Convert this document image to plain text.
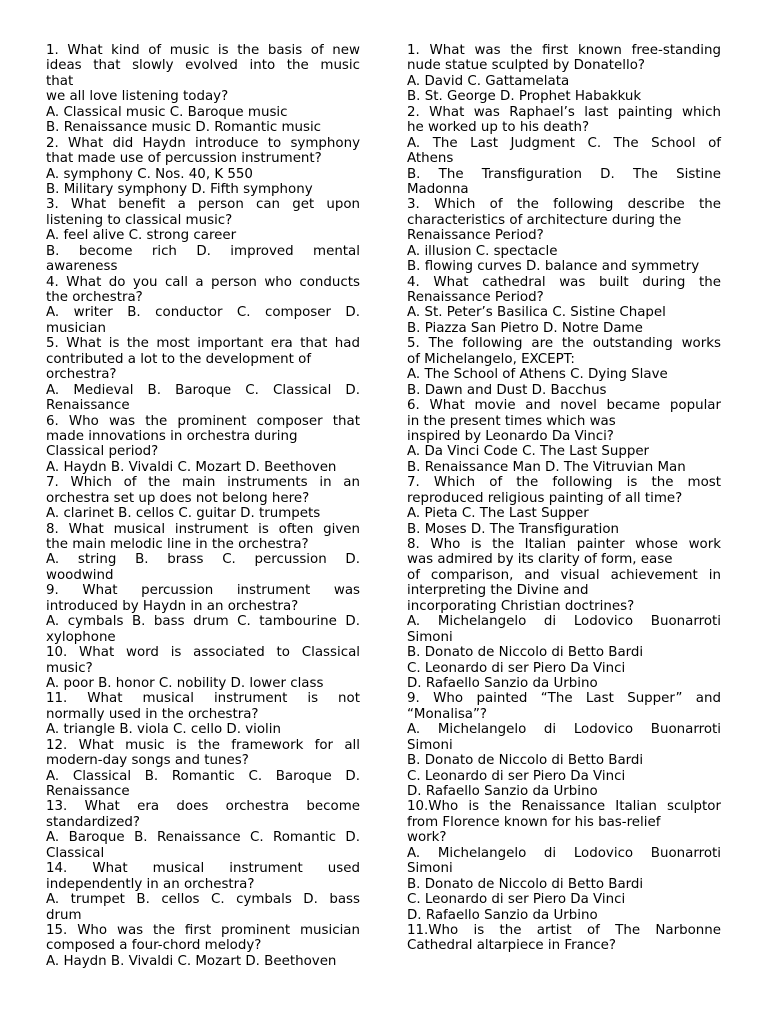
1. What kind of music is the basis of new
ideas that slowly evolved into the music
that
we all love listening today?
A. Classical music C. Baroque music
B. Renaissance music D. Romantic music
2. What did Haydn introduce to symphony
that made use of percussion instrument?
A. symphony C. Nos. 40, K 550
B. Military symphony D. Fifth symphony
3. What benefit a person can get upon
listening to classical music?
A. feel alive C. strong career
B. become rich D. improved mental
awareness
4. What do you call a person who conducts
the orchestra?
A. writer B. conductor C. composer D.
musician
5. What is the most important era that had
contributed a lot to the development of
orchestra?
A. Medieval B. Baroque C. Classical D.
Renaissance
6. Who was the prominent composer that
made innovations in orchestra during
Classical period?
A. Haydn B. Vivaldi C. Mozart D. Beethoven
7. Which of the main instruments in an
orchestra set up does not belong here?
A. clarinet B. cellos C. guitar D. trumpets
8. What musical instrument is often given
the main melodic line in the orchestra?
A. string B. brass C. percussion D.
woodwind
9. What percussion instrument was
introduced by Haydn in an orchestra?
A. cymbals B. bass drum C. tambourine D.
xylophone
10. What word is associated to Classical
music?
A. poor B. honor C. nobility D. lower class
11. What musical instrument is not
normally used in the orchestra?
A. triangle B. viola C. cello D. violin
12. What music is the framework for all
modern-day songs and tunes?
A. Classical B. Romantic C. Baroque D.
Renaissance
13. What era does orchestra become
standardized?
A. Baroque B. Renaissance C. Romantic D.
Classical
14. What musical instrument used
independently in an orchestra?
A. trumpet B. cellos C. cymbals D. bass
drum
15. Who was the first prominent musician
composed a four-chord melody?
A. Haydn B. Vivaldi C. Mozart D. Beethoven
1. What was the first known free-standing
nude statue sculpted by Donatello?
A. David C. Gattamelata
B. St. George D. Prophet Habakkuk
2. What was Raphael’s last painting which
he worked up to his death?
A. The Last Judgment C. The School of
Athens
B. The Transfiguration D. The Sistine
Madonna
3. Which of the following describe the
characteristics of architecture during the
Renaissance Period?
A. illusion C. spectacle
B. flowing curves D. balance and symmetry
4. What cathedral was built during the
Renaissance Period?
A. St. Peter’s Basilica C. Sistine Chapel
B. Piazza San Pietro D. Notre Dame
5. The following are the outstanding works
of Michelangelo, EXCEPT:
A. The School of Athens C. Dying Slave
B. Dawn and Dust D. Bacchus
6. What movie and novel became popular
in the present times which was
inspired by Leonardo Da Vinci?
A. Da Vinci Code C. The Last Supper
B. Renaissance Man D. The Vitruvian Man
7. Which of the following is the most
reproduced religious painting of all time?
A. Pieta C. The Last Supper
B. Moses D. The Transfiguration
8. Who is the Italian painter whose work
was admired by its clarity of form, ease
of comparison, and visual achievement in
interpreting the Divine and
incorporating Christian doctrines?
A. Michelangelo di Lodovico Buonarroti
Simoni
B. Donato de Niccolo di Betto Bardi
C. Leonardo di ser Piero Da Vinci
D. Rafaello Sanzio da Urbino
9. Who painted “The Last Supper” and
“Monalisa”?
A. Michelangelo di Lodovico Buonarroti
Simoni
B. Donato de Niccolo di Betto Bardi
C. Leonardo di ser Piero Da Vinci
D. Rafaello Sanzio da Urbino
10.Who is the Renaissance Italian sculptor
from Florence known for his bas-relief
work?
A. Michelangelo di Lodovico Buonarroti
Simoni
B. Donato de Niccolo di Betto Bardi
C. Leonardo di ser Piero Da Vinci
D. Rafaello Sanzio da Urbino
11.Who is the artist of The Narbonne
Cathedral altarpiece in France?
